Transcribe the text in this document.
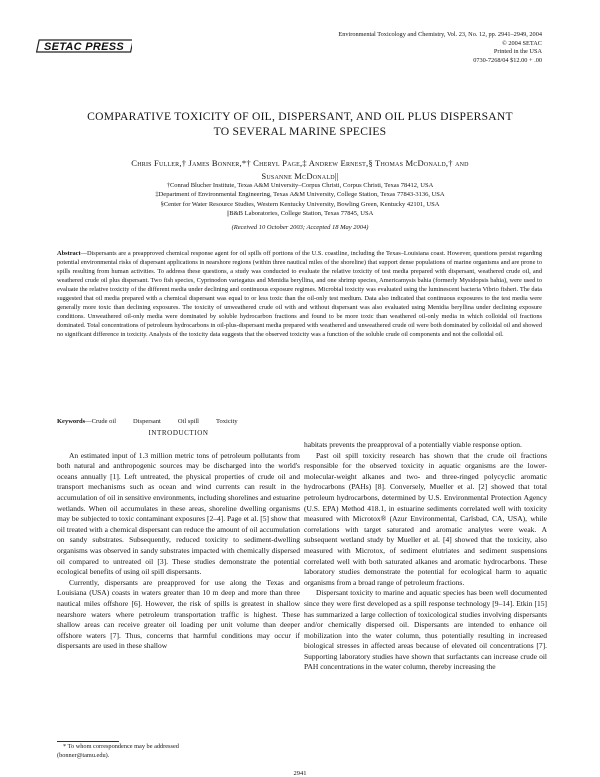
SETAC PRESS
Environmental Toxicology and Chemistry, Vol. 23, No. 12, pp. 2941–2949, 2004
© 2004 SETAC
Printed in the USA
0730-7268/04 $12.00 + .00
COMPARATIVE TOXICITY OF OIL, DISPERSANT, AND OIL PLUS DISPERSANT
TO SEVERAL MARINE SPECIES
Chris Fuller,† James Bonner,*† Cheryl Page,‡ Andrew Ernest,§ Thomas McDonald,† and
Susanne McDonald||
†Conrad Blucher Institute, Texas A&M University–Corpus Christi, Corpus Christi, Texas 78412, USA
‡Department of Environmental Engineering, Texas A&M University, College Station, Texas 77843-3136, USA
§Center for Water Resource Studies, Western Kentucky University, Bowling Green, Kentucky 42101, USA
||B&B Laboratories, College Station, Texas 77845, USA
(Received 10 October 2003; Accepted 18 May 2004)
Abstract—Dispersants are a preapproved chemical response agent for oil spills off portions of the U.S. coastline, including the Texas–Louisiana coast. However, questions persist regarding potential environmental risks of dispersant applications in nearshore regions (within three nautical miles of the shoreline) that support dense populations of marine organisms and are prone to spills resulting from human activities. To address these questions, a study was conducted to evaluate the relative toxicity of test media prepared with dispersant, weathered crude oil, and weathered crude oil plus dispersant. Two fish species, Cyprinodon variegatus and Menidia beryllina, and one shrimp species, Americamysis bahia (formerly Mysidopsis bahia), were used to evaluate the relative toxicity of the different media under declining and continuous exposure regimes. Microbial toxicity was evaluated using the luminescent bacteria Vibrio fisheri. The data suggested that oil media prepared with a chemical dispersant was equal to or less toxic than the oil-only test medium. Data also indicated that continuous exposures to the test media were generally more toxic than declining exposures. The toxicity of unweathered crude oil with and without dispersant was also evaluated using Menidia beryllina under declining exposure conditions. Unweathered oil-only media were dominated by soluble hydrocarbon fractions and found to be more toxic than weathered oil-only media in which colloidal oil fractions dominated. Total concentrations of petroleum hydrocarbons in oil-plus-dispersant media prepared with weathered and unweathered crude oil were both dominated by colloidal oil and showed no significant difference in toxicity. Analysis of the toxicity data suggests that the observed toxicity was a function of the soluble crude oil components and not the colloidal oil.
Keywords—Crude oil	Dispersant	Oil spill	Toxicity

INTRODUCTION

An estimated input of 1.3 million metric tons of petroleum pollutants from both natural and anthropogenic sources may be discharged into the world's oceans annually [1]. Left untreated, the physical properties of crude oil and transport mechanisms such as ocean and wind currents can result in the accumulation of oil in sensitive environments, including shorelines and estuarine wetlands. When oil accumulates in these areas, shoreline dwelling organisms may be subjected to toxic contaminant exposures [2–4]. Page et al. [5] show that oil treated with a chemical dispersant can reduce the amount of oil accumulation on sandy substrates. Subsequently, reduced toxicity to sediment-dwelling organisms was observed in sandy substrates impacted with chemically dispersed oil compared to untreated oil [3]. These studies demonstrate the potential ecological benefits of using oil spill dispersants.

Currently, dispersants are preapproved for use along the Texas and Louisiana (USA) coasts in waters greater than 10 m deep and more than three nautical miles offshore [6]. However, the risk of spills is greatest in shallow nearshore waters where petroleum transportation traffic is highest. These shallow areas can receive greater oil loading per unit volume than deeper offshore waters [7]. Thus, concerns that harmful conditions may occur if dispersants are used in these shallow

habitats prevents the preapproval of a potentially viable response option.

Past oil spill toxicity research has shown that the crude oil fractions responsible for the observed toxicity in aquatic organisms are the lower-molecular-weight alkanes and two- and three-ringed polycyclic aromatic hydrocarbons (PAHs) [8]. Conversely, Mueller et al. [2] showed that total petroleum hydrocarbons, determined by U.S. Environmental Protection Agency (U.S. EPA) Method 418.1, in estuarine sediments correlated well with toxicity measured with Microtox® (Azur Environmental, Carlsbad, CA, USA), while correlations with target saturated and aromatic analytes were weak. A subsequent wetland study by Mueller et al. [4] showed that the toxicity, also measured with Microtox, of sediment elutriates and sediment suspensions correlated well with both saturated alkanes and aromatic hydrocarbons. These laboratory studies demonstrate the potential for ecological harm to aquatic organisms from a broad range of petroleum fractions.

Dispersant toxicity to marine and aquatic species has been well documented since they were first developed as a spill response technology [9–14]. Etkin [15] has summarized a large collection of toxicological studies involving dispersants and/or chemically dispersed oil. Dispersants are intended to enhance oil mobilization into the water column, thus potentially resulting in increased biological stresses in affected areas because of elevated oil concentrations [7]. Supporting laboratory studies have shown that surfactants can increase crude oil PAH concentrations in the water column, thereby increasing the

* To whom correspondence may be addressed
(bonner@tamu.edu).
2941
